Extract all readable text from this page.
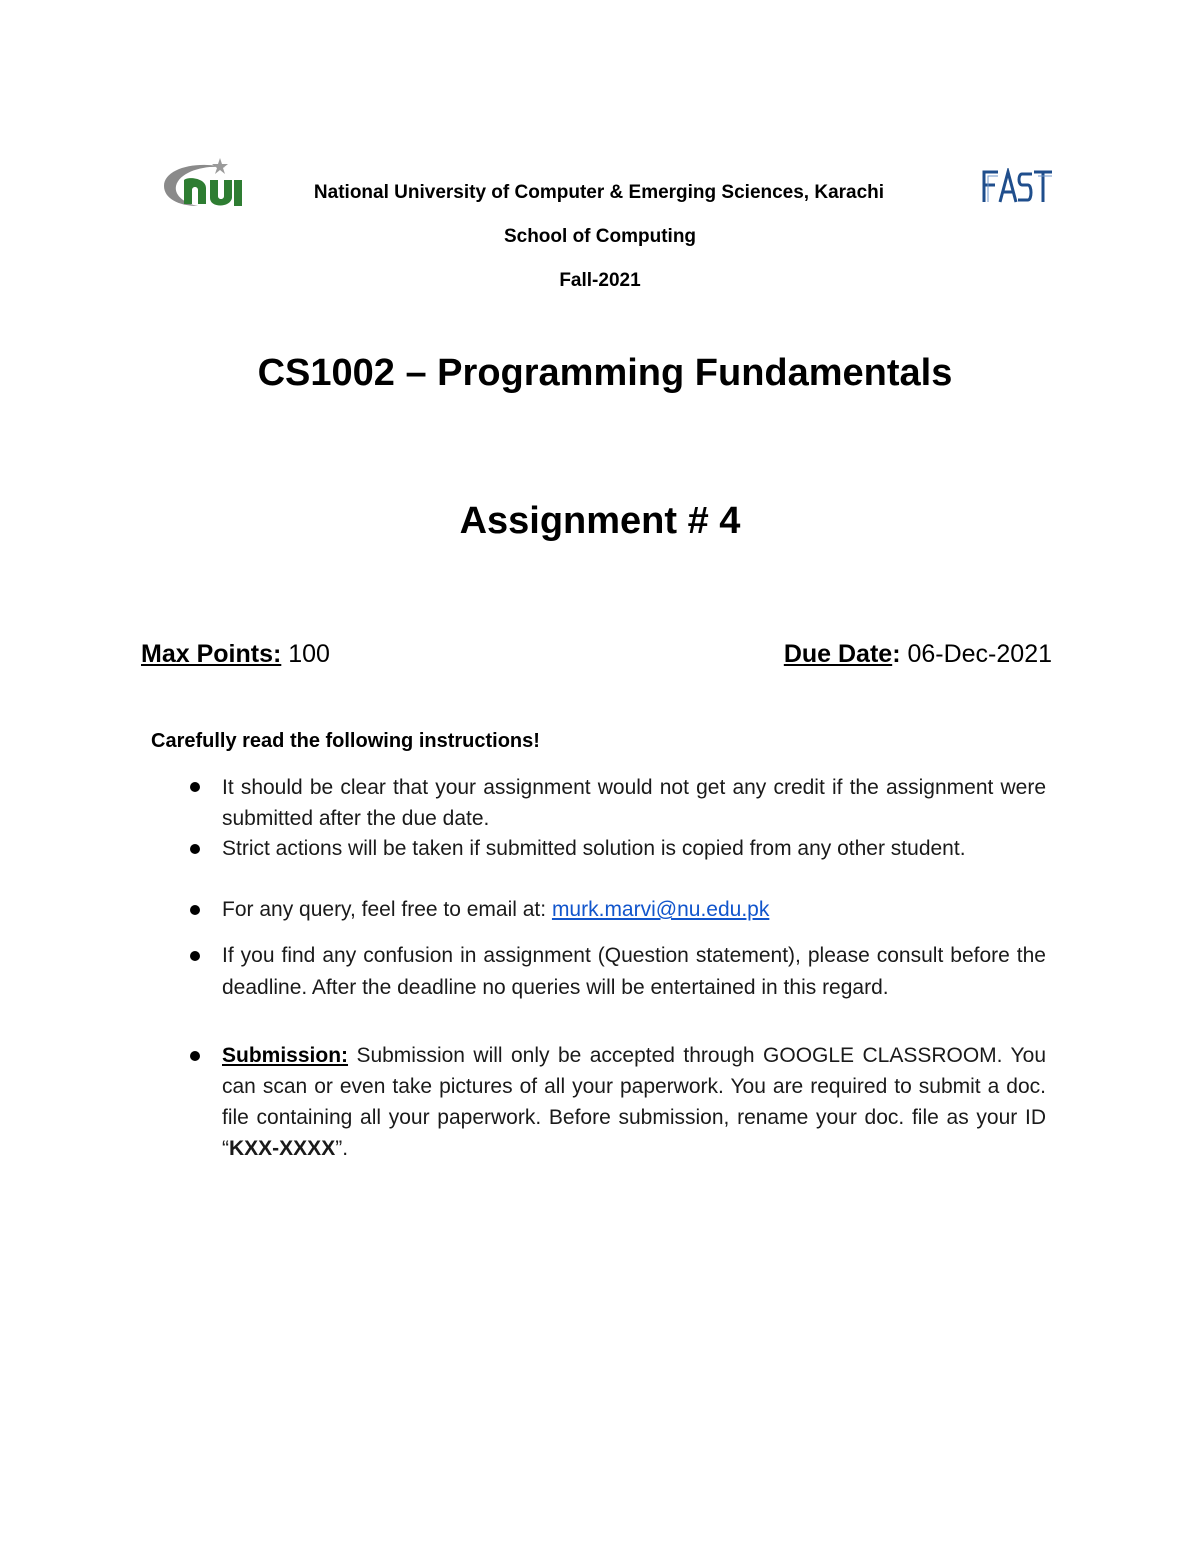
National University of Computer & Emerging Sciences, Karachi
School of Computing
Fall-2021
CS1002 – Programming Fundamentals
Assignment # 4
Max Points: 100	Due Date: 06-Dec-2021
Carefully read the following instructions!
It should be clear that your assignment would not get any credit if the assignment were submitted after the due date.
Strict actions will be taken if submitted solution is copied from any other student.
For any query, feel free to email at: murk.marvi@nu.edu.pk
If you find any confusion in assignment (Question statement), please consult before the deadline. After the deadline no queries will be entertained in this regard.
Submission: Submission will only be accepted through GOOGLE CLASSROOM. You can scan or even take pictures of all your paperwork. You are required to submit a doc. file containing all your paperwork. Before submission, rename your doc. file as your ID “KXX-XXXX”.
